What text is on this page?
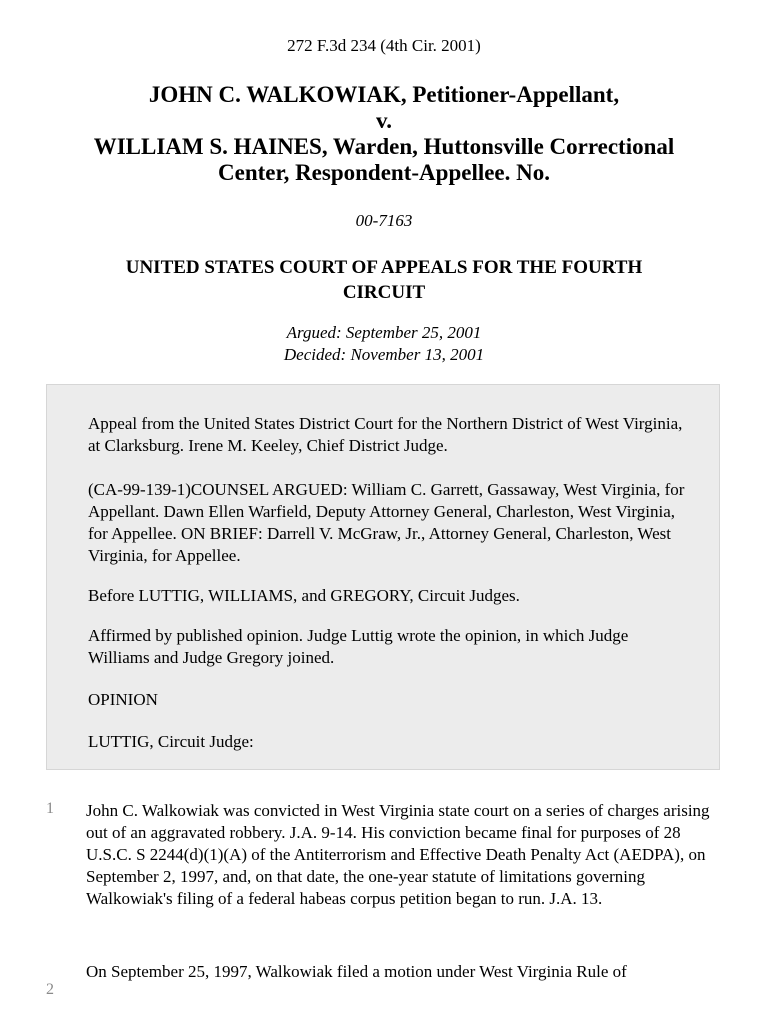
272 F.3d 234 (4th Cir. 2001)
JOHN C. WALKOWIAK, Petitioner-Appellant,
v.
WILLIAM S. HAINES, Warden, Huttonsville Correctional
Center, Respondent-Appellee. No.
00-7163
UNITED STATES COURT OF APPEALS FOR THE FOURTH
CIRCUIT
Argued: September 25, 2001
Decided: November 13, 2001

Appeal from the United States District Court for the Northern District of West Virginia, at Clarksburg. Irene M. Keeley, Chief District Judge.

(CA-99-139-1)COUNSEL ARGUED: William C. Garrett, Gassaway, West Virginia, for Appellant. Dawn Ellen Warfield, Deputy Attorney General, Charleston, West Virginia, for Appellee. ON BRIEF: Darrell V. McGraw, Jr., Attorney General, Charleston, West Virginia, for Appellee.

Before LUTTIG, WILLIAMS, and GREGORY, Circuit Judges.

Affirmed by published opinion. Judge Luttig wrote the opinion, in which Judge Williams and Judge Gregory joined.

OPINION

LUTTIG, Circuit Judge:

1 John C. Walkowiak was convicted in West Virginia state court on a series of charges arising out of an aggravated robbery. J.A. 9-14. His conviction became final for purposes of 28 U.S.C. S 2244(d)(1)(A) of the Antiterrorism and Effective Death Penalty Act (AEDPA), on September 2, 1997, and, on that date, the one-year statute of limitations governing Walkowiak's filing of a federal habeas corpus petition began to run. J.A. 13.

2

On September 25, 1997, Walkowiak filed a motion under West Virginia Rule of
